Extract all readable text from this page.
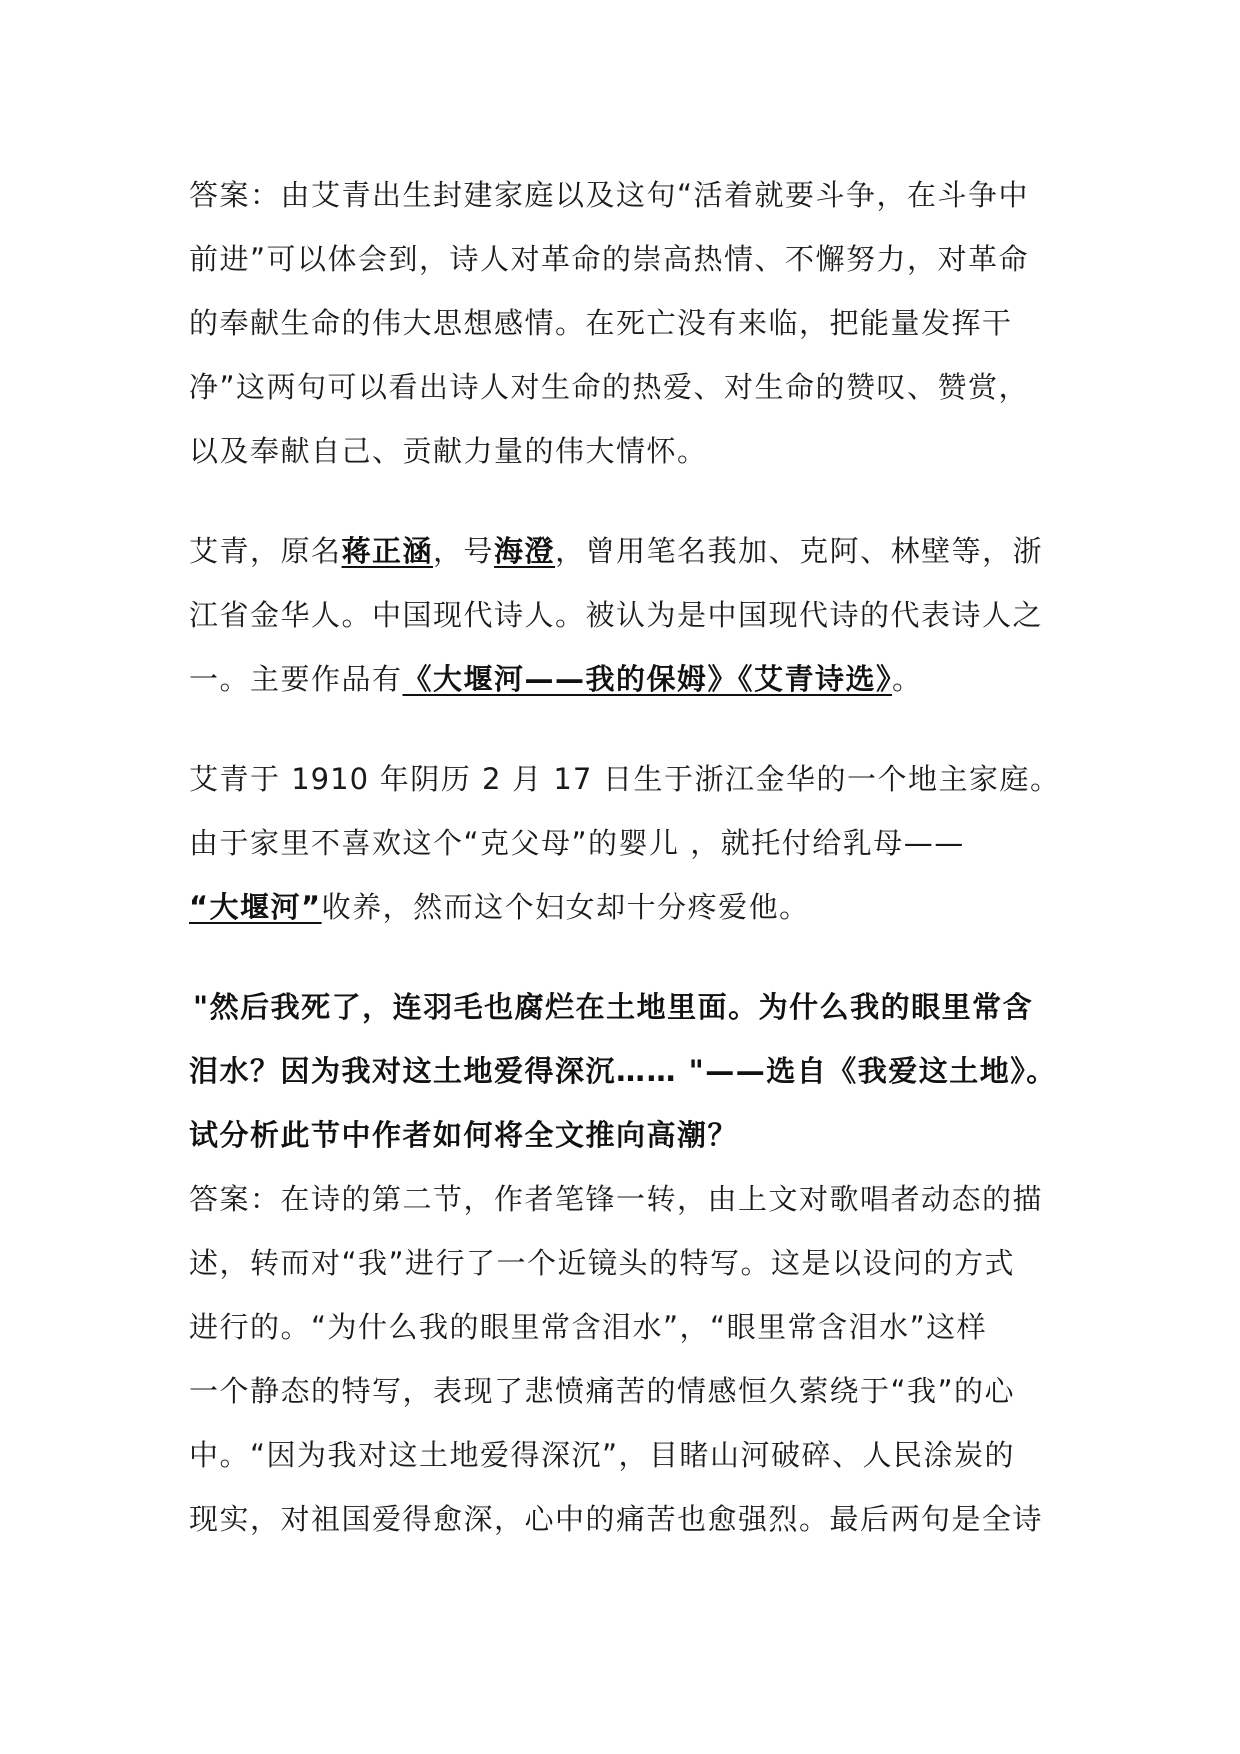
答案：由艾青出生封建家庭以及这句“活着就要斗争，在斗争中
前进”可以体会到，诗人对革命的崇高热情、不懈努力，对革命
的奉献生命的伟大思想感情。在死亡没有来临，把能量发挥干
净”这两句可以看出诗人对生命的热爱、对生命的赞叹、赞赏，
以及奉献自己、贡献力量的伟大情怀。
艾青，原名蒋正涵，号海澄，曾用笔名莪加、克阿、林壁等，浙
江省金华人。中国现代诗人。被认为是中国现代诗的代表诗人之
一。主要作品有《大堰河——我的保姆》《艾青诗选》。
艾青于 1910 年阴历 2 月 17 日生于浙江金华的一个地主家庭。
由于家里不喜欢这个“克父母”的婴儿 ，就托付给乳母——
“大堰河”收养，然而这个妇女却十分疼爱他。
"然后我死了，连羽毛也腐烂在土地里面。为什么我的眼里常含
泪水？因为我对这土地爱得深沉…… "——选自《我爱这土地》。
试分析此节中作者如何将全文推向高潮？
答案：在诗的第二节，作者笔锋一转，由上文对歌唱者动态的描
述，转而对“我”进行了一个近镜头的特写。这是以设问的方式
进行的。“为什么我的眼里常含泪水”，“眼里常含泪水”这样
一个静态的特写，表现了悲愤痛苦的情感恒久萦绕于“我”的心
中。“因为我对这土地爱得深沉”，目睹山河破碎、人民涂炭的
现实，对祖国爱得愈深，心中的痛苦也愈强烈。最后两句是全诗
